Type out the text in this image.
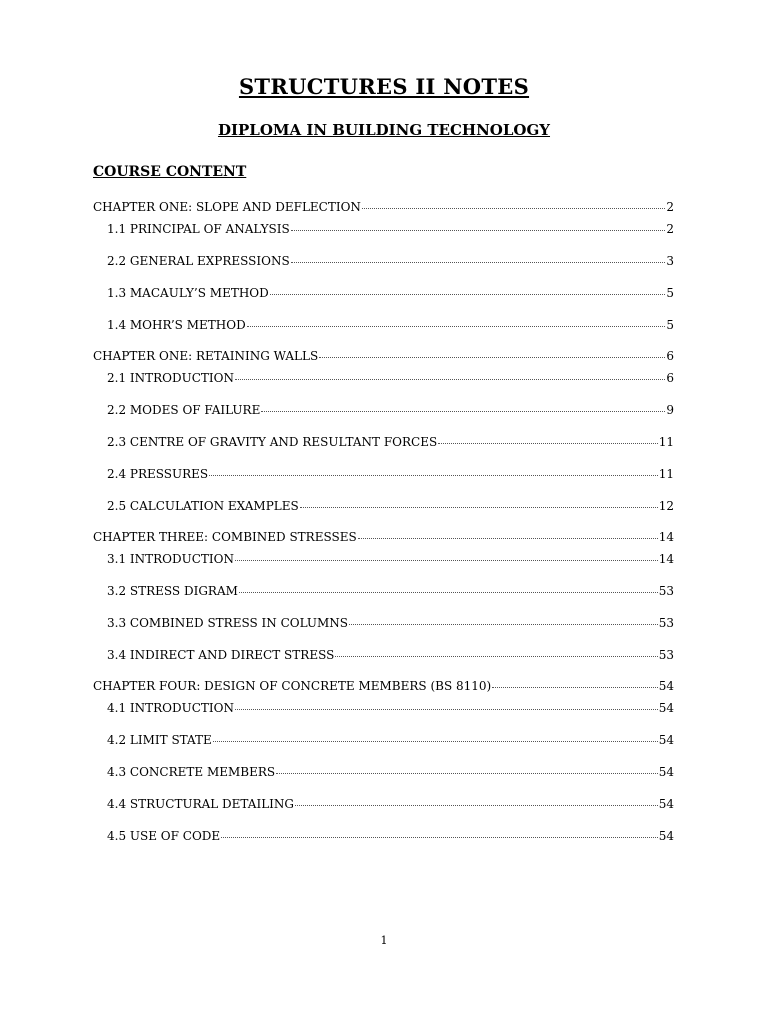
STRUCTURES II NOTES
DIPLOMA IN BUILDING TECHNOLOGY
COURSE CONTENT
CHAPTER ONE: SLOPE AND DEFLECTION	2
1.1 PRINCIPAL OF ANALYSIS	2
2.2 GENERAL EXPRESSIONS	3
1.3 MACAULY’S METHOD	5
1.4 MOHR’S METHOD	5
CHAPTER ONE: RETAINING WALLS	6
2.1 INTRODUCTION	6
2.2 MODES OF FAILURE	9
2.3 CENTRE OF GRAVITY AND RESULTANT FORCES	11
2.4 PRESSURES	11
2.5 CALCULATION EXAMPLES	12
CHAPTER THREE: COMBINED STRESSES	14
3.1 INTRODUCTION	14
3.2 STRESS DIGRAM	53
3.3 COMBINED STRESS IN COLUMNS	53
3.4 INDIRECT AND DIRECT STRESS	53
CHAPTER FOUR: DESIGN OF CONCRETE MEMBERS (BS 8110)	54
4.1 INTRODUCTION	54
4.2 LIMIT STATE	54
4.3 CONCRETE MEMBERS	54
4.4 STRUCTURAL DETAILING	54
4.5 USE OF CODE	54
1
